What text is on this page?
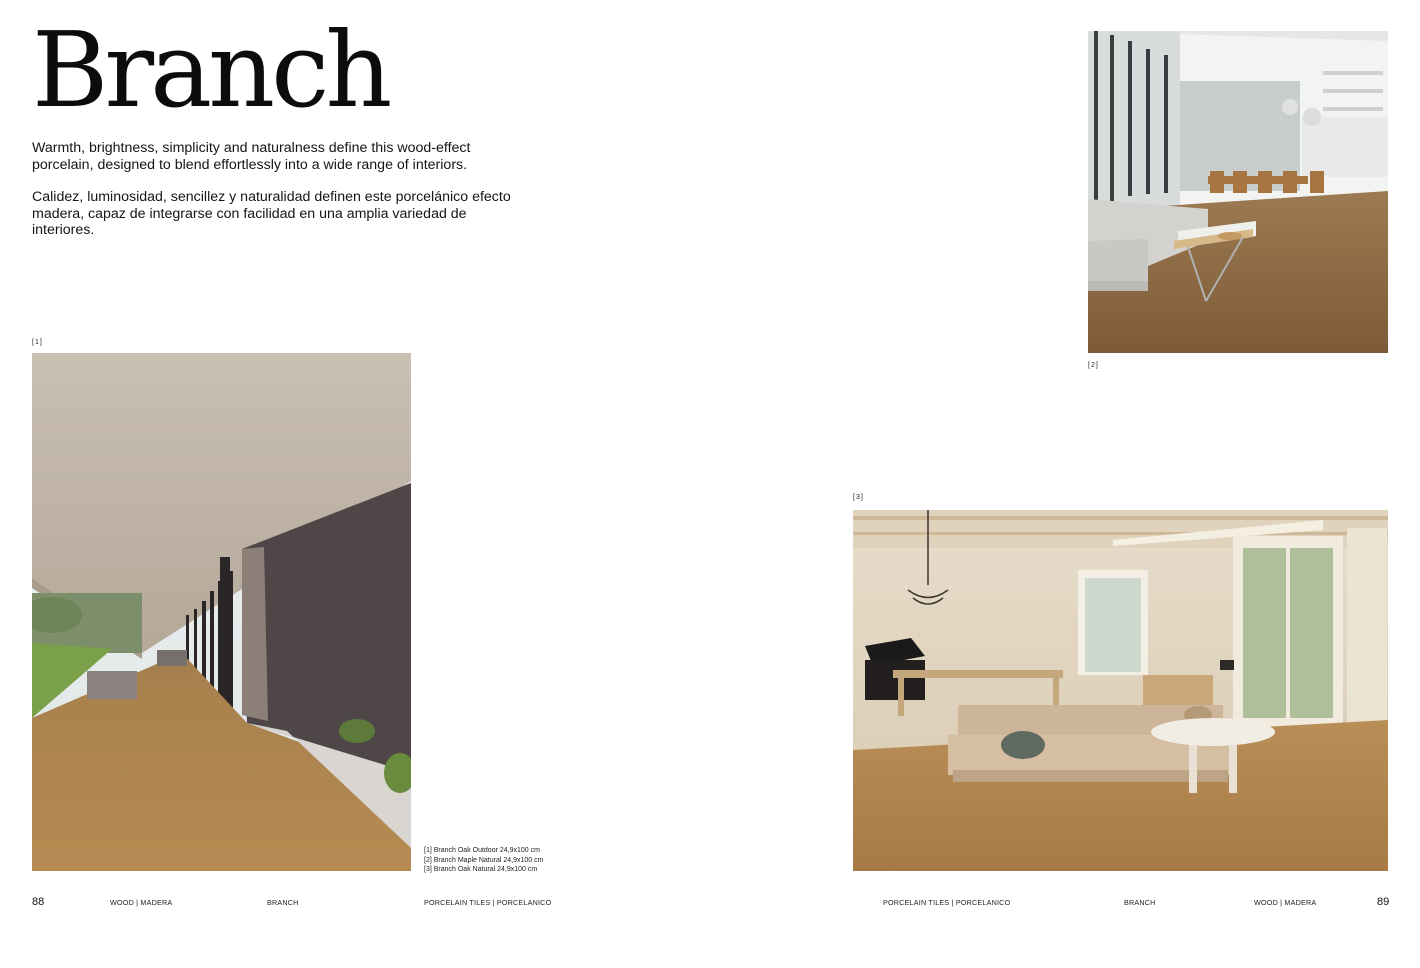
Branch
Warmth, brightness, simplicity and naturalness define this wood-effect porcelain, designed to blend effortlessly into a wide range of interiors.
Calidez, luminosidad, sencillez y naturalidad definen este porcelánico efecto madera, capaz de integrarse con facilidad en una amplia variedad de interiores.
[1]
[1] Branch Oak Outdoor 24,9x100 cm
[2] Branch Maple Natural 24,9x100 cm
[3] Branch Oak Natural 24,9x100 cm
[2]
[3]
88	WOOD | MADERA	BRANCH	PORCELAIN TILES | PORCELANICO	PORCELAIN TILES | PORCELANICO	BRANCH	WOOD | MADERA	89
